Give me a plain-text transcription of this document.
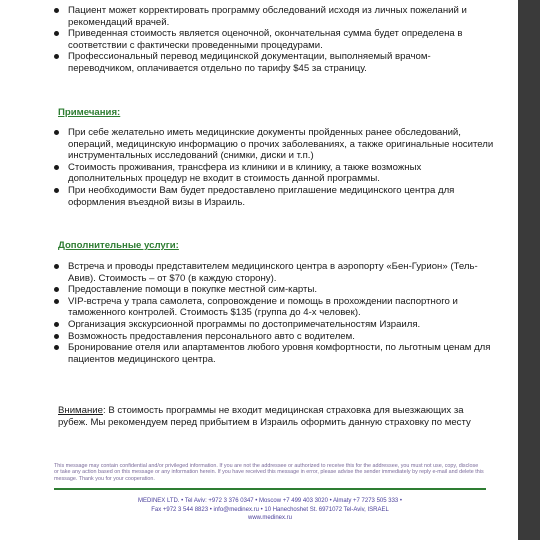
Пациент может корректировать программу обследований исходя из личных пожеланий и рекомендаций врачей.
Приведенная стоимость является оценочной, окончательная сумма будет определена в соответствии с фактически проведенными процедурами.
Профессиональный перевод медицинской документации, выполняемый врачом-переводчиком, оплачивается отдельно по тарифу $45 за страницу.
Примечания:
При себе желательно иметь медицинские документы пройденных ранее обследований, операций, медицинскую информацию о прочих заболеваниях, а также оригинальные носители инструментальных исследований (снимки, диски и т.п.)
Стоимость проживания, трансфера из клиники и в клинику, а также возможных дополнительных процедур не входит в стоимость данной программы.
При необходимости Вам будет предоставлено приглашение медицинского центра для оформления въездной визы в Израиль.
Дополнительные услуги:
Встреча и проводы представителем медицинского центра в аэропорту «Бен-Гурион» (Тель-Авив). Стоимость – от $70 (в каждую сторону).
Предоставление помощи в покупке местной сим-карты.
VIP-встреча у трапа самолета, сопровождение и помощь в прохождении паспортного и таможенного контролей. Стоимость $135 (группа до 4-х человек).
Организация экскурсионной программы по достопримечательностям Израиля.
Возможность предоставления персонального авто с водителем.
Бронирование отеля или апартаментов любого уровня комфортности, по льготным ценам для пациентов медицинского центра.
Внимание: В стоимость программы не входит медицинская страховка для выезжающих за рубеж. Мы рекомендуем перед прибытием в Израиль оформить данную страховку по месту
This message may contain confidential and/or privileged information. If you are not the addressee or authorized to receive this for the addressee, you must not use, copy, disclose or take any action based on this message or any information herein. If you have received this message in error, please advise the sender immediately by reply e-mail and delete this message. Thank you for your cooperation.
MEDINEX LTD. • Tel Aviv: +972 3 376 0347 • Moscow +7 499 403 3020 • Almaty +7 7273 505 333 •
Fax +972 3 544 8823 • info@medinex.ru • 10 Hanechoshet St. 6971072 Tel-Aviv, ISRAEL
www.medinex.ru
